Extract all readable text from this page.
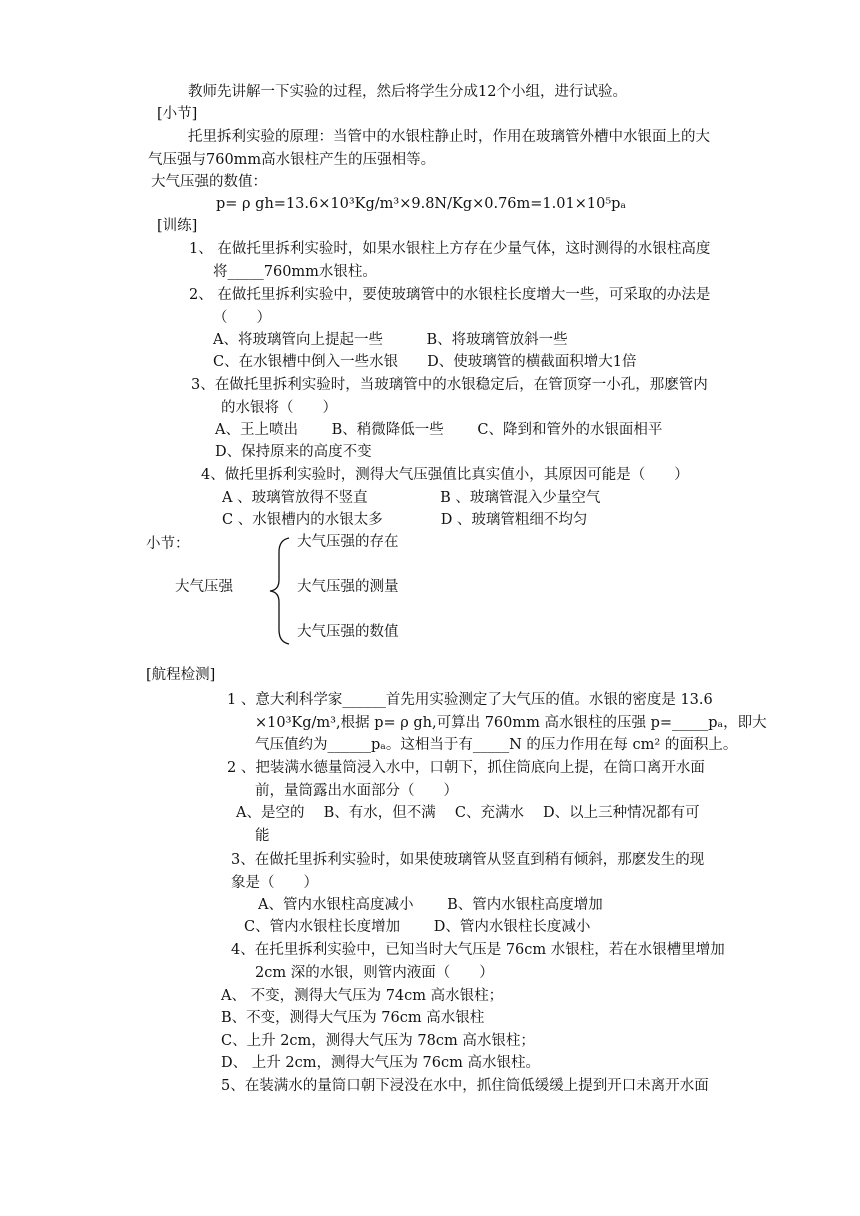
教师先讲解一下实验的过程，然后将学生分成12个小组，进行试验。
[小节]
托里拆利实验的原理：当管中的水银柱静止时，作用在玻璃管外槽中水银面上的大
气压强与760mm高水银柱产生的压强相等。
大气压强的数值：
p= ρ gh=13.6×10³Kg/m³×9.8N/Kg×0.76m=1.01×10⁵pₐ
[训练]
1、 在做托里拆利实验时，如果水银柱上方存在少量气体，这时测得的水银柱高度
将_____760mm水银柱。
2、 在做托里拆利实验中，要使玻璃管中的水银柱长度增大一些，可采取的办法是
（　　）
A、将玻璃管向上提起一些　　　B、将玻璃管放斜一些
C、在水银槽中倒入一些水银　　D、使玻璃管的横截面积增大1倍
3、在做托里拆利实验时，当玻璃管中的水银稳定后，在管顶穿一小孔，那麽管内
的水银将（　　）
A、王上喷出　　 B、稍微降低一些　　 C、降到和管外的水银面相平
D、保持原来的高度不变
4、做托里拆利实验时，测得大气压强值比真实值小，其原因可能是（　　）
A 、玻璃管放得不竖直　　　　　B 、玻璃管混入少量空气
C 、水银槽内的水银太多　　　　D 、玻璃管粗细不均匀
小节：
大气压强
大气压强的存在
大气压强的测量
大气压强的数值
[航程检测]
1 、意大利科学家______首先用实验测定了大气压的值。水银的密度是 13.6
×10³Kg/m³,根据 p= ρ gh,可算出 760mm 高水银柱的压强 p=_____pₐ，即大
气压值约为______pₐ。这相当于有_____N 的压力作用在每 cm² 的面积上。
2 、把装满水德量筒浸入水中，口朝下，抓住筒底向上提，在筒口离开水面
前，量筒露出水面部分（　　）
A、是空的　 B、有水，但不满　 C、充满水　 D、以上三种情况都有可
能
3、在做托里拆利实验时，如果使玻璃管从竖直到稍有倾斜，那麽发生的现
象是（　　）
A、管内水银柱高度减小　　 B、管内水银柱高度增加
C、管内水银柱长度增加　　 D、管内水银柱长度减小
4、在托里拆利实验中，已知当时大气压是 76cm 水银柱，若在水银槽里增加
2cm 深的水银，则管内液面（　　）
A、 不变，测得大气压为 74cm 高水银柱；
B、不变，测得大气压为 76cm 高水银柱
C、上升 2cm，测得大气压为 78cm 高水银柱；
D、 上升 2cm，测得大气压为 76cm 高水银柱。
5、在装满水的量筒口朝下浸没在水中，抓住筒低缓缓上提到开口未离开水面
